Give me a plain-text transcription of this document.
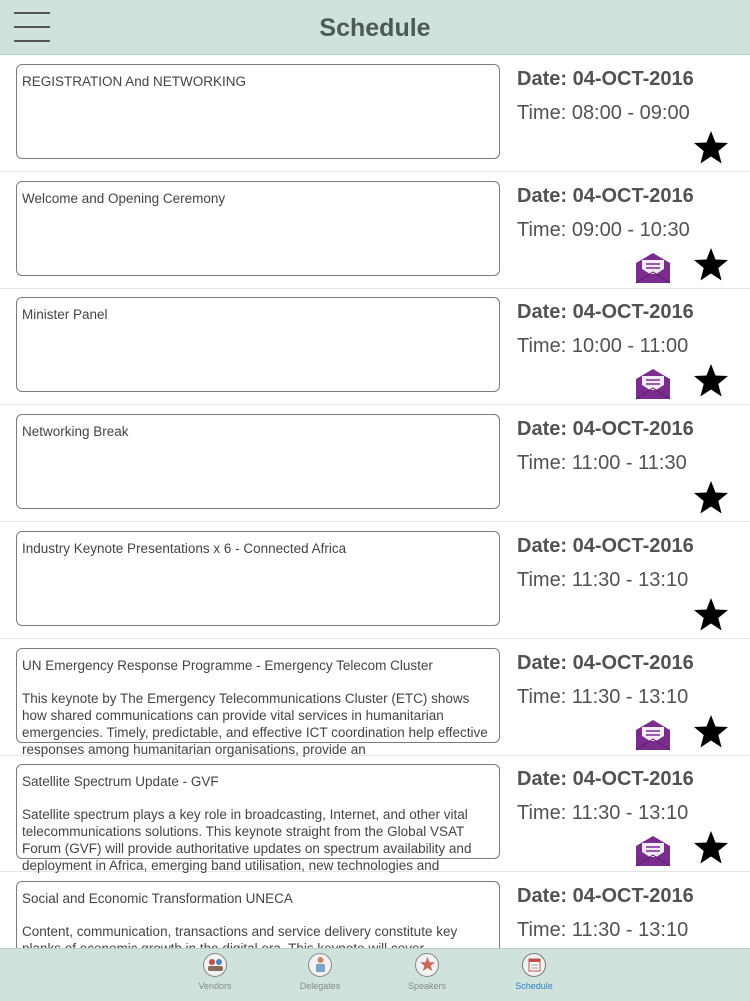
Schedule
REGISTRATION And NETWORKING	Date: 04-OCT-2016
Time: 08:00 - 09:00
Welcome and Opening Ceremony	Date: 04-OCT-2016
Time: 09:00 - 10:30
Minister Panel	Date: 04-OCT-2016
Time: 10:00 - 11:00
Networking Break	Date: 04-OCT-2016
Time: 11:00 - 11:30
Industry Keynote Presentations x 6 - Connected Africa	Date: 04-OCT-2016
Time: 11:30 - 13:10
UN Emergency Response Programme - Emergency Telecom Cluster
This keynote by The Emergency Telecommunications Cluster (ETC) shows how shared communications can provide vital services in humanitarian emergencies. Timely, predictable, and effective ICT coordination help effective responses among humanitarian organisations, provide an
Date: 04-OCT-2016
Time: 11:30 - 13:10
Satellite Spectrum Update - GVF
Satellite spectrum plays a key role in broadcasting, Internet, and other vital telecommunications solutions. This keynote straight from the Global VSAT Forum (GVF) will provide authoritative updates on spectrum availability and deployment in Africa, emerging band utilisation, new technologies and
Date: 04-OCT-2016
Time: 11:30 - 13:10
Social and Economic Transformation UNECA
Content, communication, transactions and service delivery constitute key
Date: 04-OCT-2016
Time: 11:30 - 13:10
Vendors	Delegates	Speakers	Schedule
